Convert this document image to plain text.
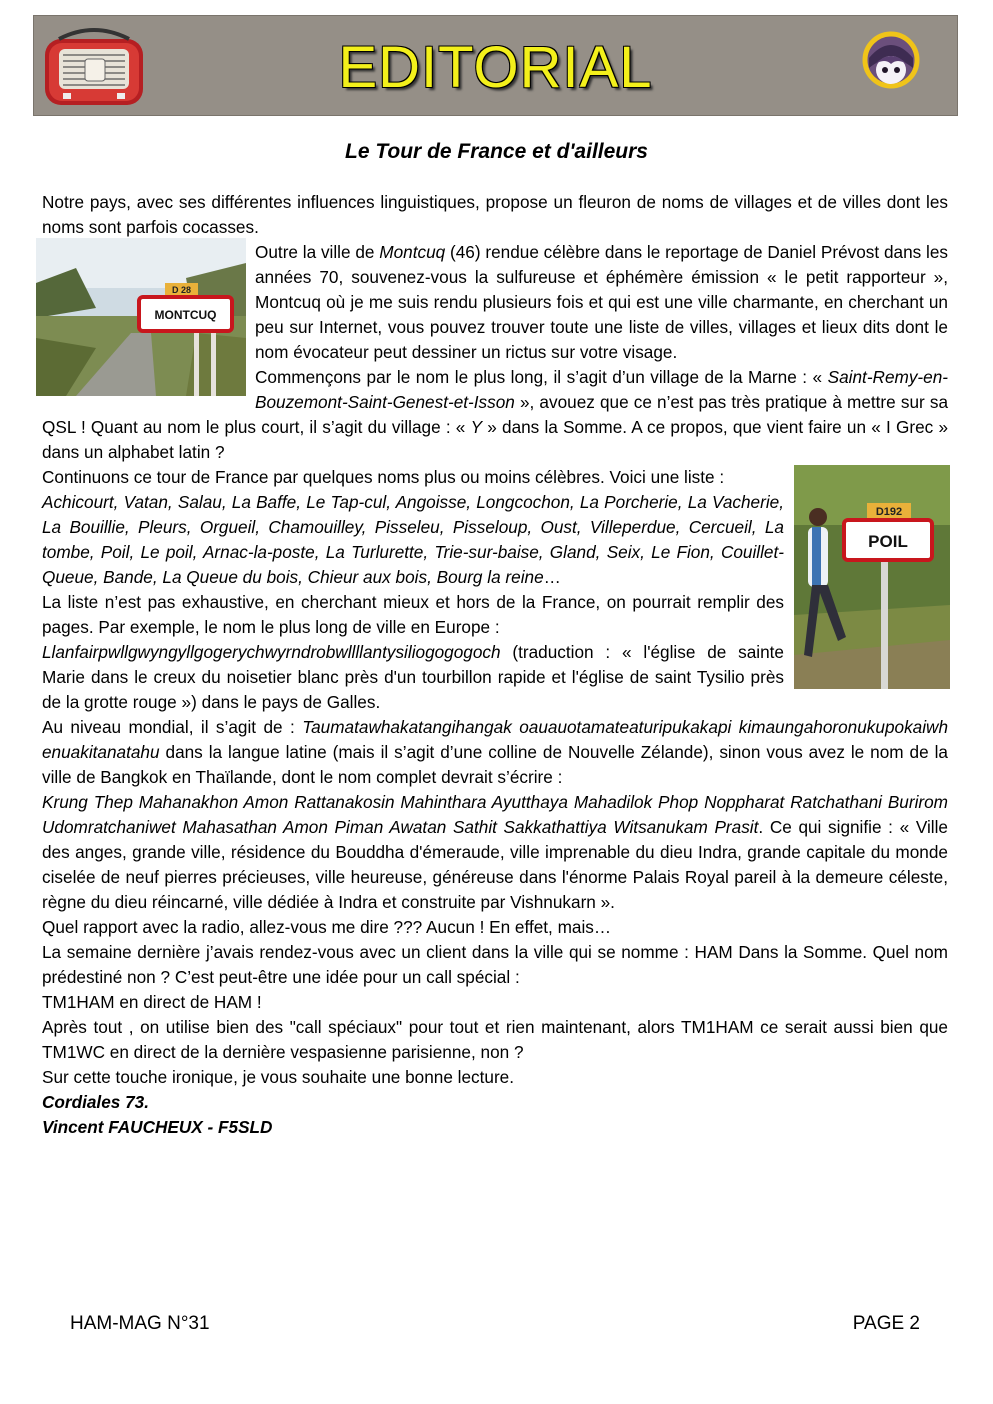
EDITORIAL
Le Tour de France et d'ailleurs

Notre pays, avec ses différentes influences linguistiques, propose un fleuron de noms de villages et de villes dont les noms sont parfois cocasses.

D 28
MONTCUQ

Outre la ville de Montcuq (46) rendue célèbre dans le reportage de Daniel Prévost dans les années 70, souvenez-vous la sulfureuse et éphémère émission « le petit rapporteur », Montcuq où je me suis rendu plusieurs fois et qui est une ville charmante, en cherchant un peu sur Internet, vous pouvez trouver toute une liste de villes, villages et lieux dits dont le nom évocateur peut dessiner un rictus sur votre visage.

Commençons par le nom le plus long, il s’agit d’un village de la Marne : « Saint-Remy-en-Bouzemont-Saint-Genest-et-Isson », avouez que ce n’est pas très pratique à mettre sur sa QSL ! Quant au nom le plus court, il s’agit du village : « Y » dans la Somme. A ce propos, que vient faire un « I Grec » dans un alphabet latin ?

D192
POIL

Continuons ce tour de France par quelques noms plus ou moins célèbres. Voici une liste :

Achicourt, Vatan, Salau, La Baffe, Le Tap-cul, Angoisse, Longcochon, La Porcherie, La Vacherie, La Bouillie, Pleurs, Orgueil, Chamouilley, Pisseleu, Pisseloup, Oust, Villeperdue, Cercueil, La tombe, Poil, Le poil, Arnac-la-poste, La Turlurette, Trie-sur-baise, Gland, Seix, Le Fion, Couillet-Queue, Bande, La Queue du bois, Chieur aux bois, Bourg la reine…

La liste n’est pas exhaustive, en cherchant mieux et hors de la France, on pourrait remplir des pages. Par exemple, le nom le plus long de ville en Europe :

Llanfairpwllgwyngyllgogerychwyrndrobwllllantysiliogogogoch (traduction : « l'église de sainte Marie dans le creux du noisetier blanc près d'un tourbillon rapide et l'église de saint Tysilio près de la grotte rouge ») dans le pays de Galles.

Au niveau mondial, il s’agit de : Taumatawhakatangihangak oauauotamateaturipukakapi kimaungahoronukupokaiwh enuakitanatahu dans la langue latine (mais il s’agit d’une colline de Nouvelle Zélande), sinon vous avez le nom de la ville de Bangkok en Thaïlande, dont le nom complet devrait s’écrire :

Krung Thep Mahanakhon Amon Rattanakosin Mahinthara Ayutthaya Mahadilok Phop Noppharat Ratchathani Burirom Udomratchaniwet Mahasathan Amon Piman Awatan Sathit Sakkathattiya Witsanukam Prasit. Ce qui signifie : « Ville des anges, grande ville, résidence du Bouddha d'émeraude, ville imprenable du dieu Indra, grande capitale du monde ciselée de neuf pierres précieuses, ville heureuse, généreuse dans l'énorme Palais Royal pareil à la demeure céleste, règne du dieu réincarné, ville dédiée à Indra et construite par Vishnukarn ».

Quel rapport avec la radio, allez-vous me dire ??? Aucun ! En effet, mais…

La semaine dernière j’avais rendez-vous avec un client dans la ville qui se nomme : HAM Dans la Somme. Quel nom prédestiné non ? C’est peut-être une idée pour un call spécial :

TM1HAM en direct de HAM !

Après tout , on utilise bien des "call spéciaux" pour tout et rien maintenant, alors TM1HAM ce serait aussi bien que TM1WC en direct de la dernière vespasienne parisienne, non ?

Sur cette touche ironique, je vous souhaite une bonne lecture.

Cordiales 73.

Vincent FAUCHEUX - F5SLD

HAM-MAG N°31	PAGE 2
